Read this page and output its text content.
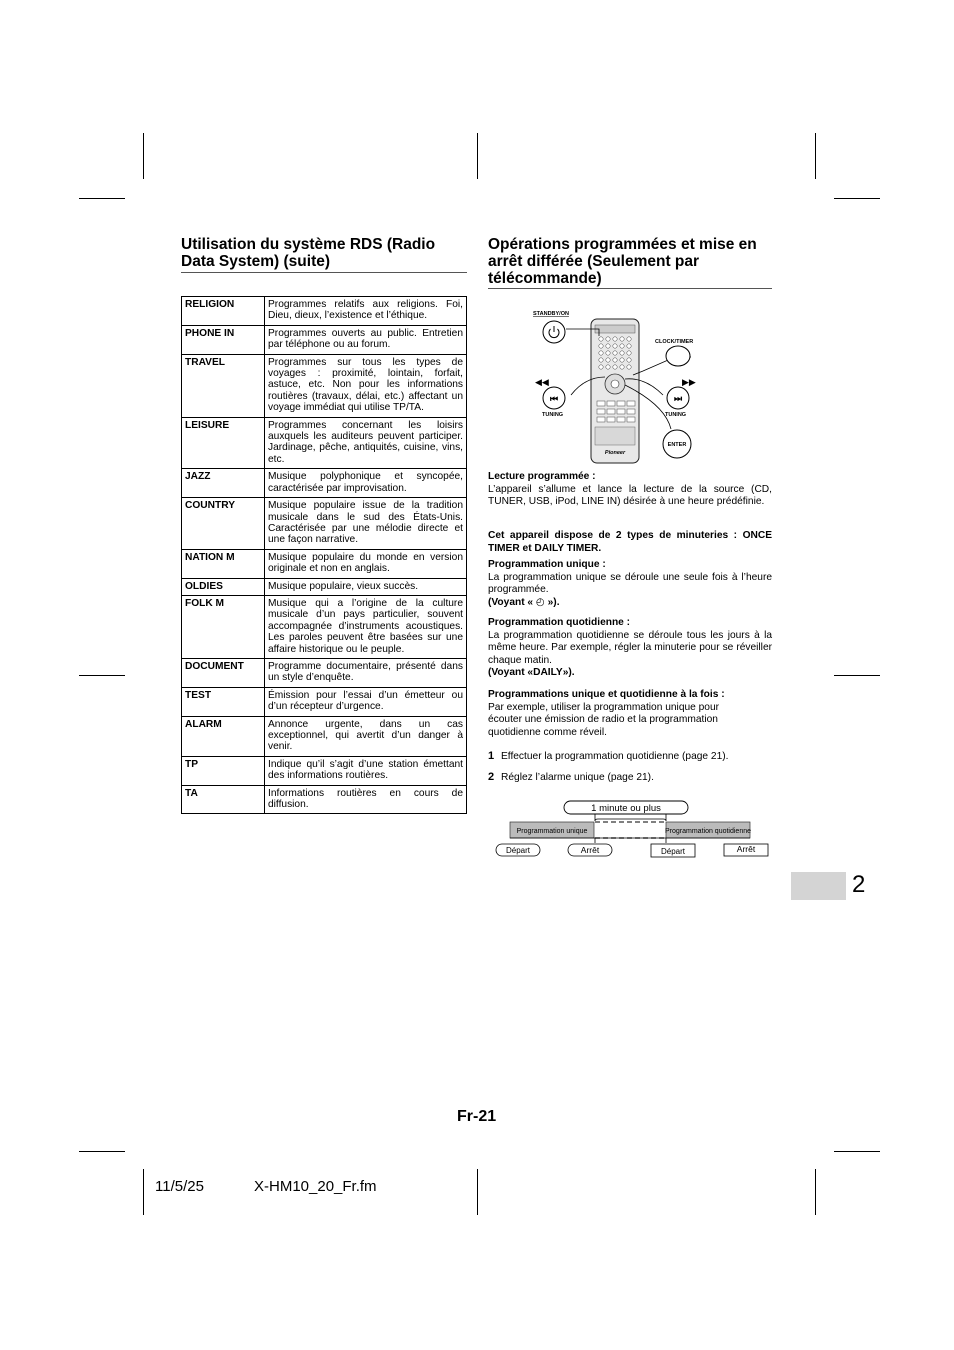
Utilisation du système RDS (Radio Data System) (suite)
RELIGION	Programmes relatifs aux religions. Foi, Dieu, dieux, l’existence et l’éthique.
PHONE IN	Programmes ouverts au public. Entretien par téléphone ou au forum.
TRAVEL	Programmes sur tous les types de voyages : proximité, lointain, forfait, astuce, etc. Non pour les informations routières (travaux, délai, etc.) affectant un voyage immédiat qui utilise TP/TA.
LEISURE	Programmes concernant les loisirs auxquels les auditeurs peuvent participer. Jardinage, pêche, antiquités, cuisine, vins, etc.
JAZZ	Musique polyphonique et syncopée, caractérisée par improvisation.
COUNTRY	Musique populaire issue de la tradition musicale dans le sud des États-Unis. Caractérisée par une mélodie directe et une façon narrative.
NATION M	Musique populaire du monde en version originale et non en anglais.
OLDIES	Musique populaire, vieux succès.
FOLK M	Musique qui a l’origine de la culture musicale d’un pays particulier, souvent accompagnée d’instruments acoustiques. Les paroles peuvent être basées sur une affaire historique ou le peuple.
DOCUMENT	Programme documentaire, présenté dans un style d’enquête.
TEST	Émission pour l’essai d’un émetteur ou d’un récepteur d’urgence.
ALARM	Annonce urgente, dans un cas exceptionnel, qui avertit d’un danger à venir.
TP	Indique qu’il s’agit d’une station émettant des informations routières.
TA	Informations routières en cours de diffusion.
Opérations programmées et mise en arrêt différée (Seulement par télécommande)
Pioneer
STANDBY/ON
CLOCK/TIMER
◀◀
⏮
TUNING
▶▶
⏭
TUNING
ENTER

Lecture programmée :
L’appareil s’allume et lance la lecture de la source (CD, TUNER, USB, iPod, LINE IN) désirée à une heure prédéfinie.

Cet appareil dispose de 2 types de minuteries : ONCE TIMER et DAILY TIMER.

Programmation unique :
La programmation unique se déroule une seule fois à l’heure programmée.
(Voyant « ◴ »).

Programmation quotidienne :
La programmation quotidienne se déroule tous les jours à la même heure. Par exemple, régler la minuterie pour se réveiller chaque matin.
(Voyant «DAILY»).

Programmations unique et quotidienne à la fois :

Par exemple, utiliser la programmation unique pour écouter une émission de radio et la programmation quotidienne comme réveil.

1 Effectuer la programmation quotidienne (page 21).
2 Réglez l’alarme unique (page 21).
1 minute ou plus
Programmation unique	Programmation quotidienne
Départ	Arrêt	Départ	Arrêt
2
Fr-21
11/5/25	X-HM10_20_Fr.fm
